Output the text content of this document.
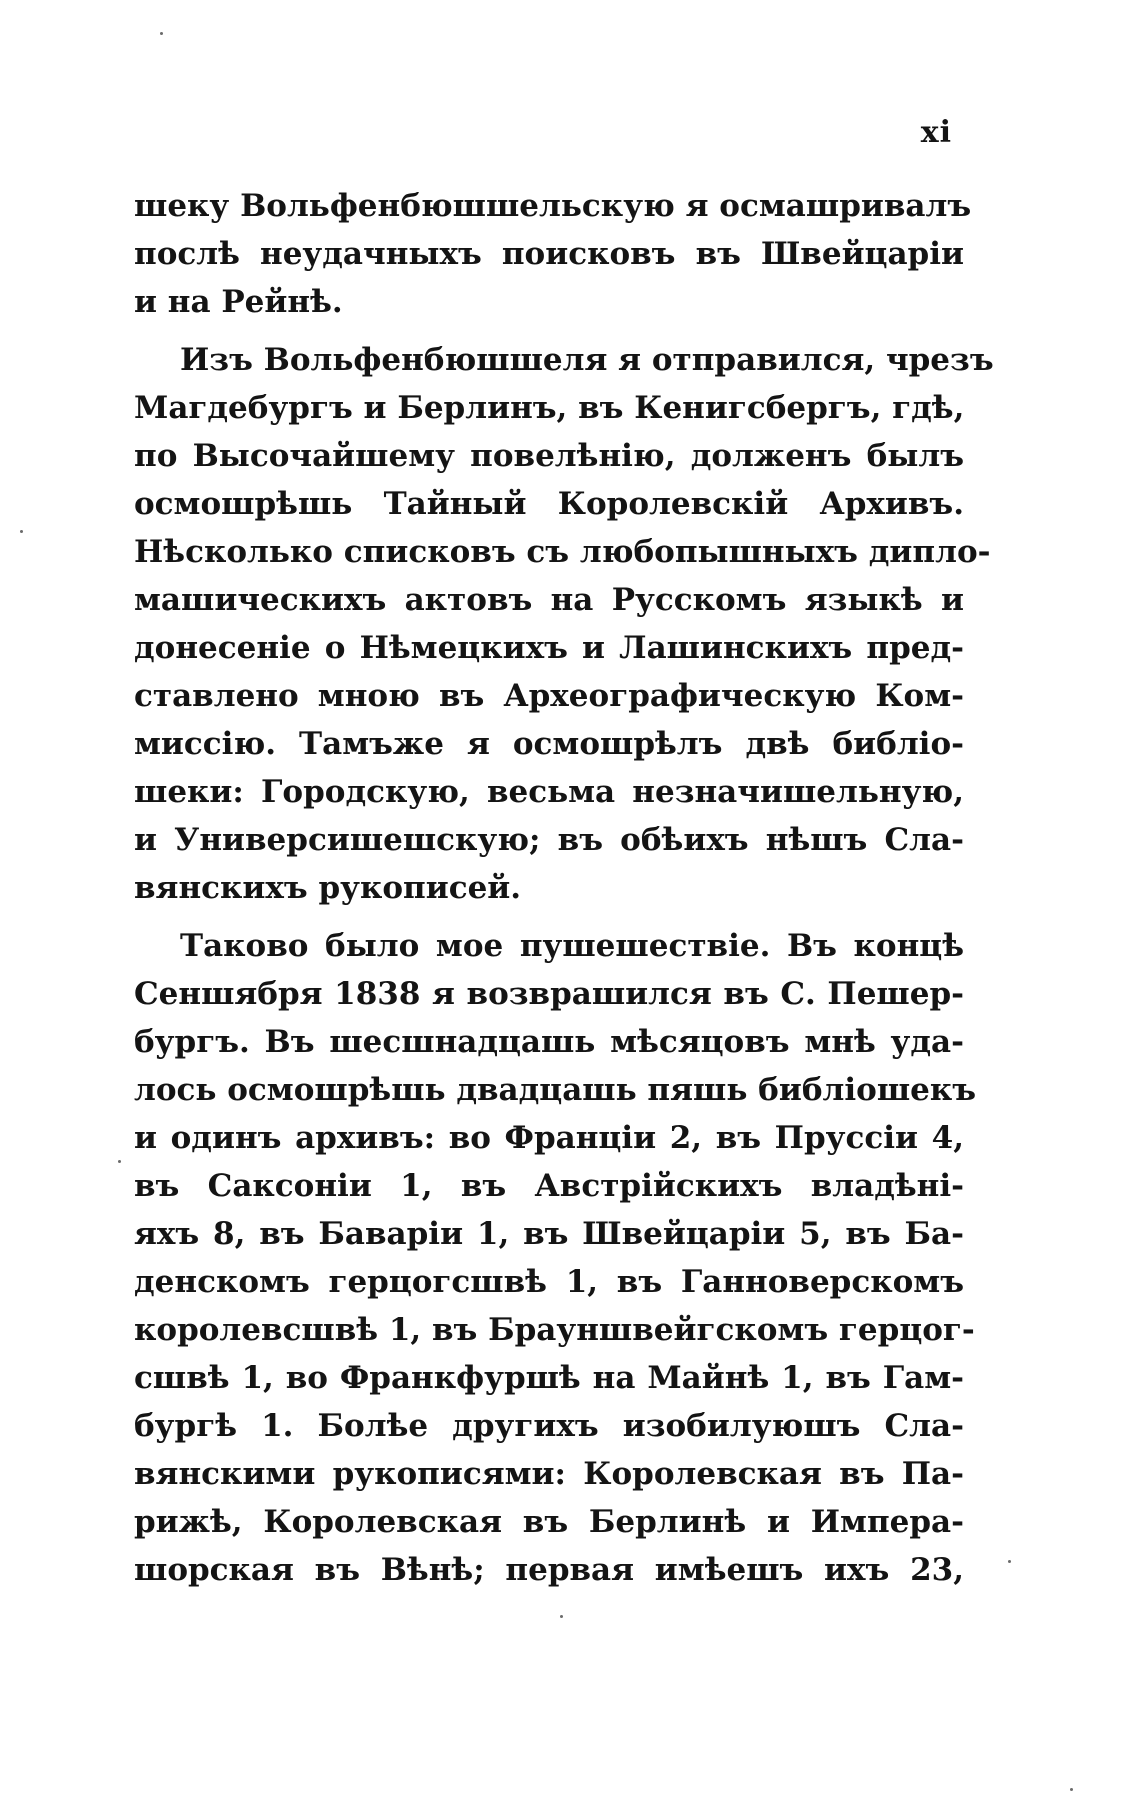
xi
шеку Вольфенбюшшельскую я осмашривалъ
послѣ неудачныхъ поисковъ въ Швейцаріи
и на Рейнѣ.
Изъ Вольфенбюшшеля я отправился, чрезъ
Магдебургъ и Берлинъ, въ Кенигсбергъ, гдѣ,
по Высочайшему повелѣнію, долженъ былъ
осмошрѣшь Тайный Королевскій Архивъ.
Нѣсколько списковъ съ любопышныхъ дипло-
машическихъ актовъ на Русскомъ языкѣ и
донесеніе о Нѣмецкихъ и Лашинскихъ пред-
ставлено мною въ Археографическую Ком-
миссію. Тамъже я осмошрѣлъ двѣ библіо-
шеки: Городскую, весьма незначишельную,
и Универсишешскую; въ обѣихъ нѣшъ Сла-
вянскихъ рукописей.
Таково было мое пушешествіе. Въ концѣ
Сеншября 1838 я возврашился въ С. Пешер-
бургъ. Въ шесшнадцашь мѣсяцовъ мнѣ уда-
лось осмошрѣшь двадцашь пяшь библіошекъ
и одинъ архивъ: во Франціи 2, въ Пруссіи 4,
въ Саксоніи 1, въ Австрійскихъ владѣні-
яхъ 8, въ Баваріи 1, въ Швейцаріи 5, въ Ба-
денскомъ герцогсшвѣ 1, въ Ганноверскомъ
королевсшвѣ 1, въ Брауншвейгскомъ герцог-
сшвѣ 1, во Франкфуршѣ на Майнѣ 1, въ Гам-
бургѣ 1. Болѣе другихъ изобилуюшъ Сла-
вянскими рукописями: Королевская въ Па-
рижѣ, Королевская въ Берлинѣ и Импера-
шорская въ Вѣнѣ; первая имѣешъ ихъ 23,
